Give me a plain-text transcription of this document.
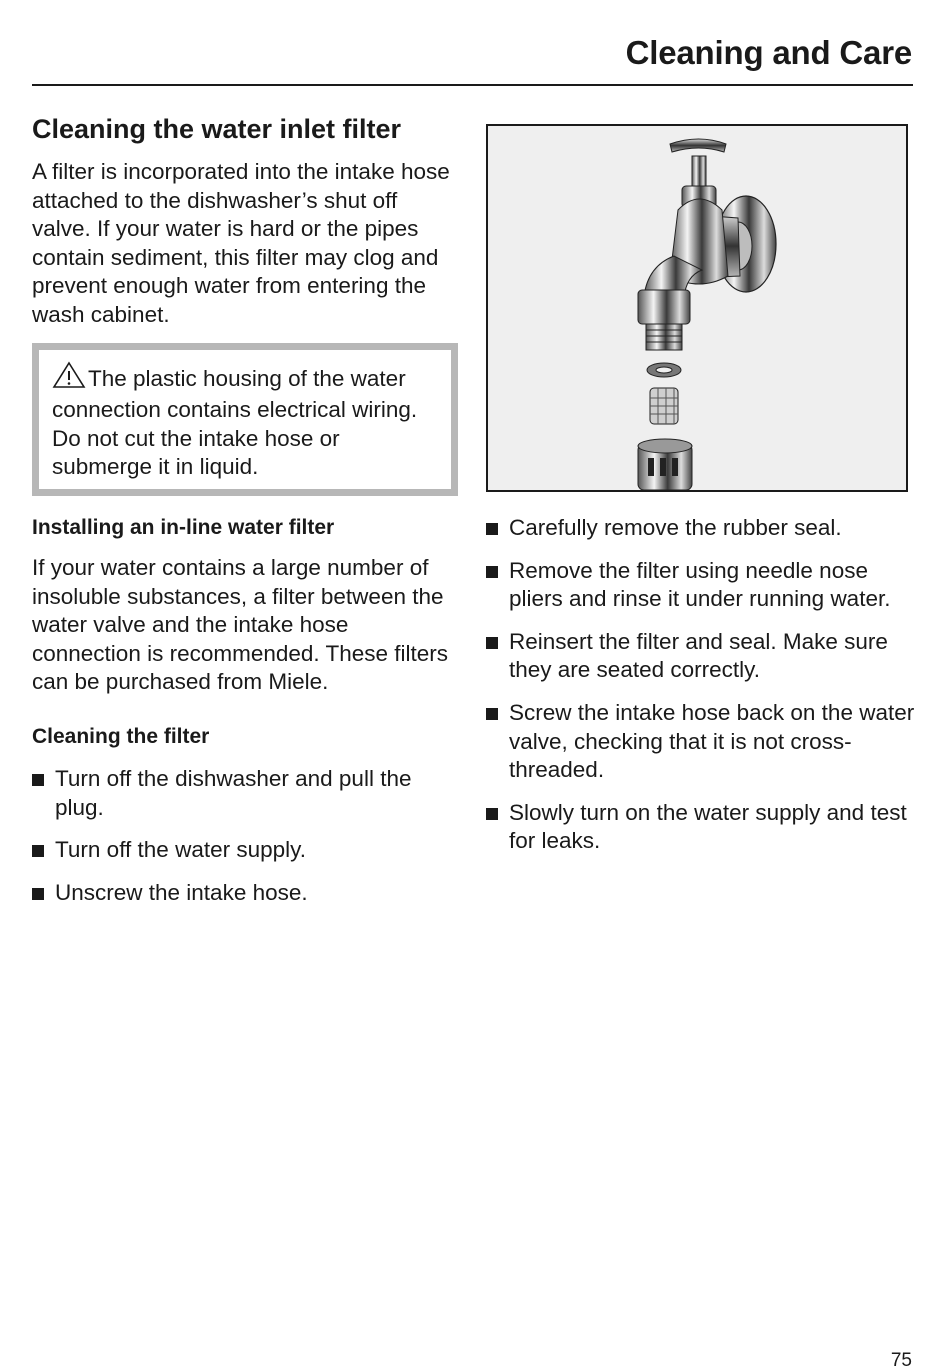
Cleaning and Care
Cleaning the water inlet filter

A filter is incorporated into the intake hose attached to the dishwasher’s shut off valve. If your water is hard or the pipes contain sediment, this filter may clog and prevent enough water from entering the wash cabinet.

The plastic housing of the water connection contains electrical wiring.
Do not cut the intake hose or submerge it in liquid.
Installing an in-line water filter

If your water contains a large number of insoluble substances, a filter between the water valve and the intake hose connection is recommended. These filters can be purchased from Miele.

Cleaning the filter
Turn off the dishwasher and pull the plug.
Turn off the water supply.
Unscrew the intake hose.
Carefully remove the rubber seal.
Remove the filter using needle nose pliers and rinse it under running water.
Reinsert the filter and seal. Make sure they are seated correctly.
Screw the intake hose back on the water valve, checking that it is not cross-threaded.
Slowly turn on the water supply and test for leaks.
75
